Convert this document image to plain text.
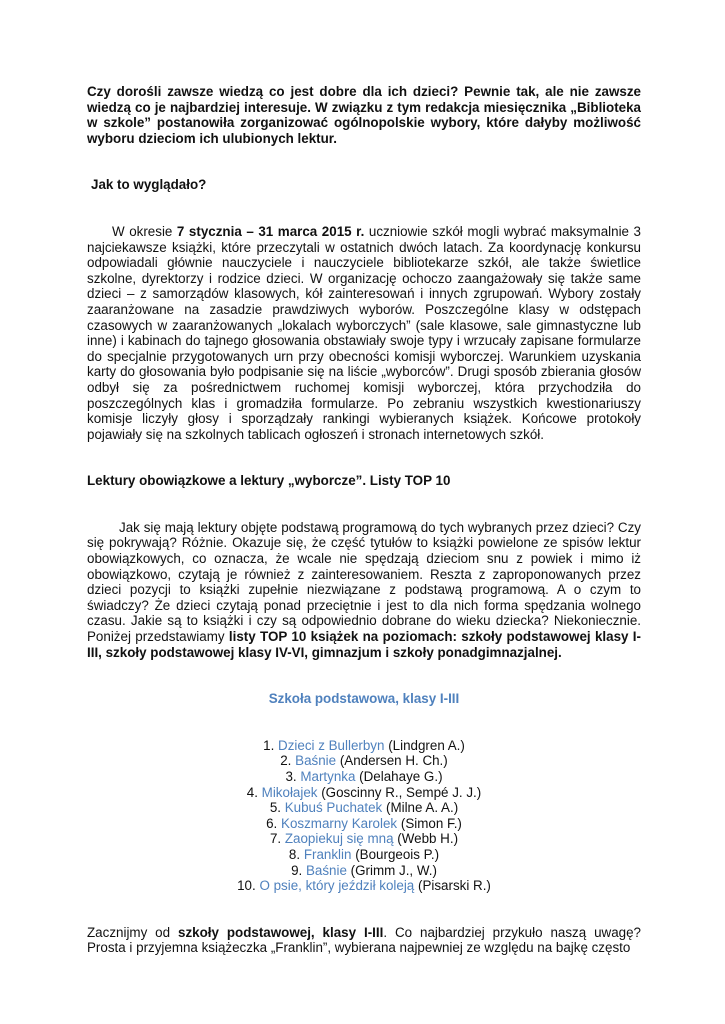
Czy dorośli zawsze wiedzą co jest dobre dla ich dzieci? Pewnie tak, ale nie zawsze wiedzą co je najbardziej interesuje. W związku z tym redakcja miesięcznika „Biblioteka w szkole” postanowiła zorganizować ogólnopolskie wybory, które dałyby możliwość wyboru dzieciom ich ulubionych lektur.

Jak to wyglądało?

W okresie 7 stycznia – 31 marca 2015 r. uczniowie szkół mogli wybrać maksymalnie 3 najciekawsze książki, które przeczytali w ostatnich dwóch latach. Za koordynację konkursu odpowiadali głównie nauczyciele i nauczyciele bibliotekarze szkół, ale także świetlice szkolne, dyrektorzy i rodzice dzieci. W organizację ochoczo zaangażowały się także same dzieci – z samorządów klasowych, kół zainteresowań i innych zgrupowań. Wybory zostały zaaranżowane na zasadzie prawdziwych wyborów. Poszczególne klasy w odstępach czasowych w zaaranżowanych „lokalach wyborczych” (sale klasowe, sale gimnastyczne lub inne) i kabinach do tajnego głosowania obstawiały swoje typy i wrzucały zapisane formularze do specjalnie przygotowanych urn przy obecności komisji wyborczej. Warunkiem uzyskania karty do głosowania było podpisanie się na liście „wyborców”. Drugi sposób zbierania głosów odbył się za pośrednictwem ruchomej komisji wyborczej, która przychodziła do poszczególnych klas i gromadziła formularze. Po zebraniu wszystkich kwestionariuszy komisje liczyły głosy i sporządzały rankingi wybieranych książek. Końcowe protokoły pojawiały się na szkolnych tablicach ogłoszeń i stronach internetowych szkół.

Lektury obowiązkowe a lektury „wyborcze”. Listy TOP 10

Jak się mają lektury objęte podstawą programową do tych wybranych przez dzieci? Czy się pokrywają? Różnie. Okazuje się, że część tytułów to książki powielone ze spisów lektur obowiązkowych, co oznacza, że wcale nie spędzają dzieciom snu z powiek i mimo iż obowiązkowo, czytają je również z zainteresowaniem. Reszta z zaproponowanych przez dzieci pozycji to książki zupełnie niezwiązane z podstawą programową. A o czym to świadczy? Że dzieci czytają ponad przeciętnie i jest to dla nich forma spędzania wolnego czasu. Jakie są to książki i czy są odpowiednio dobrane do wieku dziecka? Niekoniecznie. Poniżej przedstawiamy listy TOP 10 książek na poziomach: szkoły podstawowej klasy I-III, szkoły podstawowej klasy IV-VI, gimnazjum i szkoły ponadgimnazjalnej.

Szkoła podstawowa, klasy I-III

1. Dzieci z Bullerbyn (Lindgren A.)
2. Baśnie (Andersen H. Ch.)
3. Martynka (Delahaye G.)
4. Mikołajek (Goscinny R., Sempé J. J.)
5. Kubuś Puchatek (Milne A. A.)
6. Koszmarny Karolek (Simon F.)
7. Zaopiekuj się mną (Webb H.)
8. Franklin (Bourgeois P.)
9. Baśnie (Grimm J., W.)
10. O psie, który jeździł koleją (Pisarski R.)

Zacznijmy od szkoły podstawowej, klasy I-III. Co najbardziej przykuło naszą uwagę? Prosta i przyjemna książeczka „Franklin”, wybierana najpewniej ze względu na bajkę często
